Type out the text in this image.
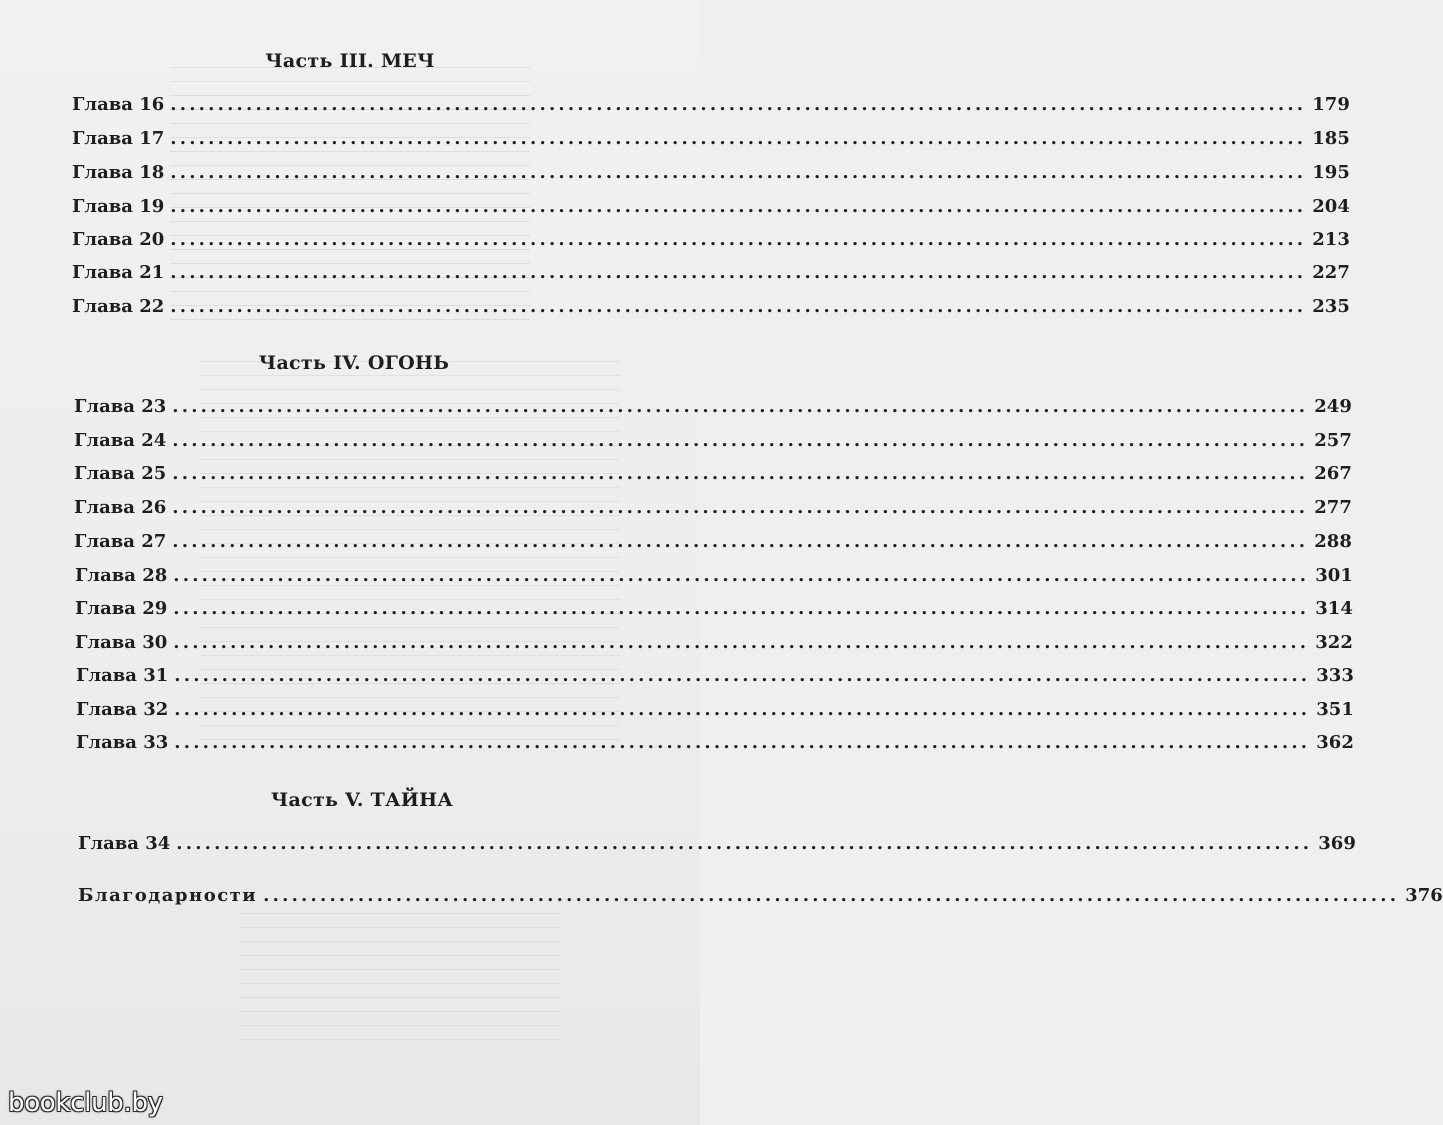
Часть III. МЕЧ
Глава 16 ........................................................................................................................ 179
Глава 17 ........................................................................................................................ 185
Глава 18 ........................................................................................................................ 195
Глава 19 ........................................................................................................................ 204
Глава 20 ........................................................................................................................ 213
Глава 21 ........................................................................................................................ 227
Глава 22 ........................................................................................................................ 235
Часть IV. ОГОНЬ
Глава 23 ........................................................................................................................ 249
Глава 24 ........................................................................................................................ 257
Глава 25 ........................................................................................................................ 267
Глава 26 ........................................................................................................................ 277
Глава 27 ........................................................................................................................ 288
Глава 28 ........................................................................................................................ 301
Глава 29 ........................................................................................................................ 314
Глава 30 ........................................................................................................................ 322
Глава 31 ........................................................................................................................ 333
Глава 32 ........................................................................................................................ 351
Глава 33 ........................................................................................................................ 362
Часть V. ТАЙНА
Глава 34 ........................................................................................................................ 369
Благодарности ........................................................................................................................ 376
bookclub.by
